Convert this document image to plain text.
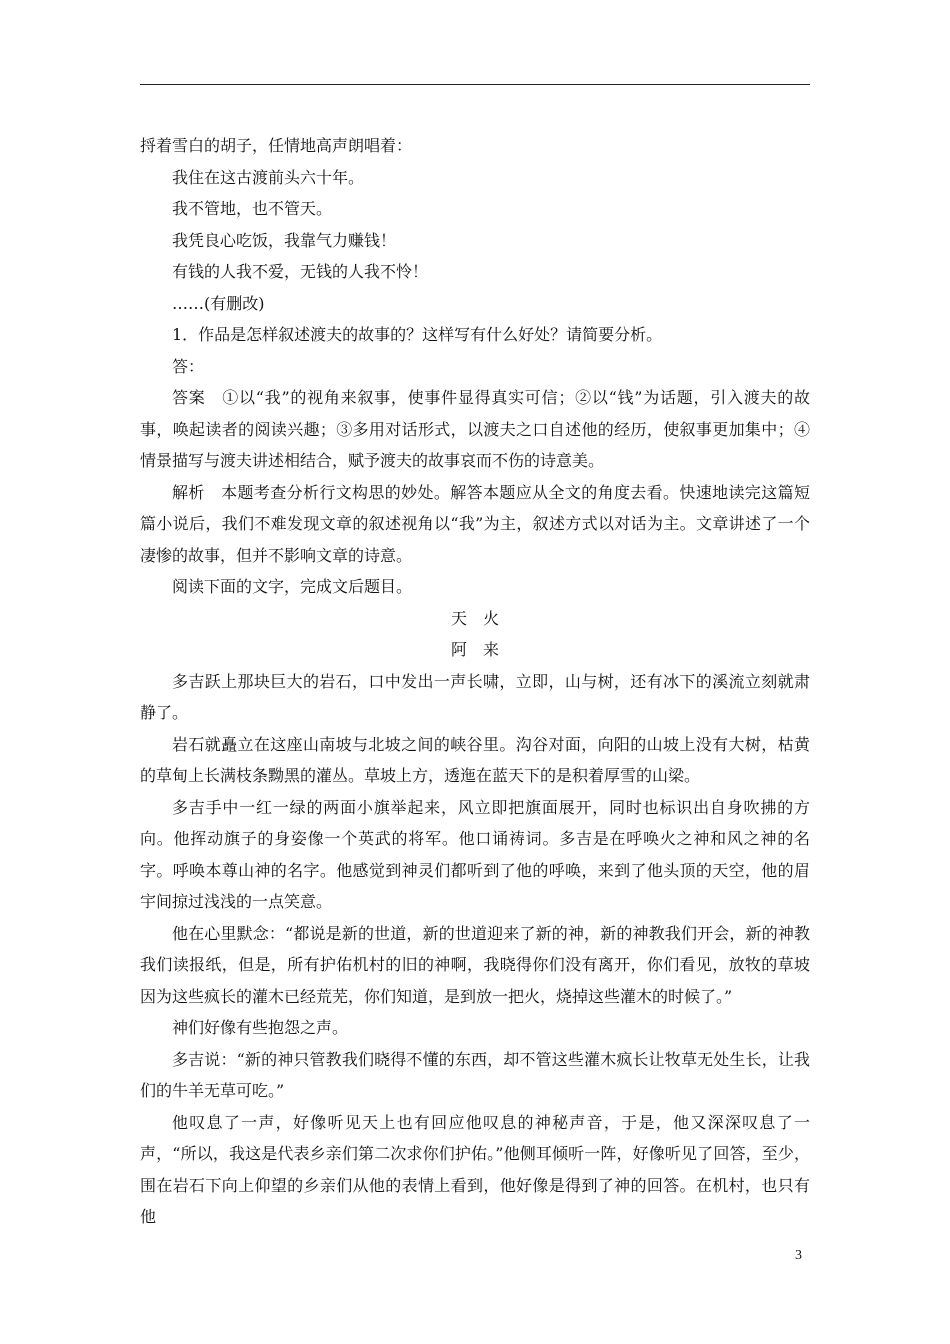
捋着雪白的胡子，任情地高声朗唱着：

我住在这古渡前头六十年。

我不管地，也不管天。

我凭良心吃饭，我靠气力赚钱！

有钱的人我不爱，无钱的人我不怜！

……(有删改)

1．作品是怎样叙述渡夫的故事的？这样写有什么好处？请简要分析。

答：

答案 ①以“我”的视角来叙事，使事件显得真实可信；②以“钱”为话题，引入渡夫的故事，唤起读者的阅读兴趣；③多用对话形式，以渡夫之口自述他的经历，使叙事更加集中；④情景描写与渡夫讲述相结合，赋予渡夫的故事哀而不伤的诗意美。

解析 本题考查分析行文构思的妙处。解答本题应从全文的角度去看。快速地读完这篇短篇小说后，我们不难发现文章的叙述视角以“我”为主，叙述方式以对话为主。文章讲述了一个凄惨的故事，但并不影响文章的诗意。

阅读下面的文字，完成文后题目。

天　火

阿　来

多吉跃上那块巨大的岩石，口中发出一声长啸，立即，山与树，还有冰下的溪流立刻就肃静了。

岩石就矗立在这座山南坡与北坡之间的峡谷里。沟谷对面，向阳的山坡上没有大树，枯黄的草甸上长满枝条黝黑的灌丛。草坡上方，透迤在蓝天下的是积着厚雪的山梁。

多吉手中一红一绿的两面小旗举起来，风立即把旗面展开，同时也标识出自身吹拂的方向。他挥动旗子的身姿像一个英武的将军。他口诵祷词。多吉是在呼唤火之神和风之神的名字。呼唤本尊山神的名字。他感觉到神灵们都听到了他的呼唤，来到了他头顶的天空，他的眉宇间掠过浅浅的一点笑意。

他在心里默念：“都说是新的世道，新的世道迎来了新的神，新的神教我们开会，新的神教我们读报纸，但是，所有护佑机村的旧的神啊，我晓得你们没有离开，你们看见，放牧的草坡因为这些疯长的灌木已经荒芜，你们知道，是到放一把火，烧掉这些灌木的时候了。”

神们好像有些抱怨之声。

多吉说：“新的神只管教我们晓得不懂的东西，却不管这些灌木疯长让牧草无处生长，让我们的牛羊无草可吃。”

他叹息了一声，好像听见天上也有回应他叹息的神秘声音，于是，他又深深叹息了一声，“所以，我这是代表乡亲们第二次求你们护佑。”他侧耳倾听一阵，好像听见了回答，至少，围在岩石下向上仰望的乡亲们从他的表情上看到，他好像是得到了神的回答。在机村，也只有他

3
